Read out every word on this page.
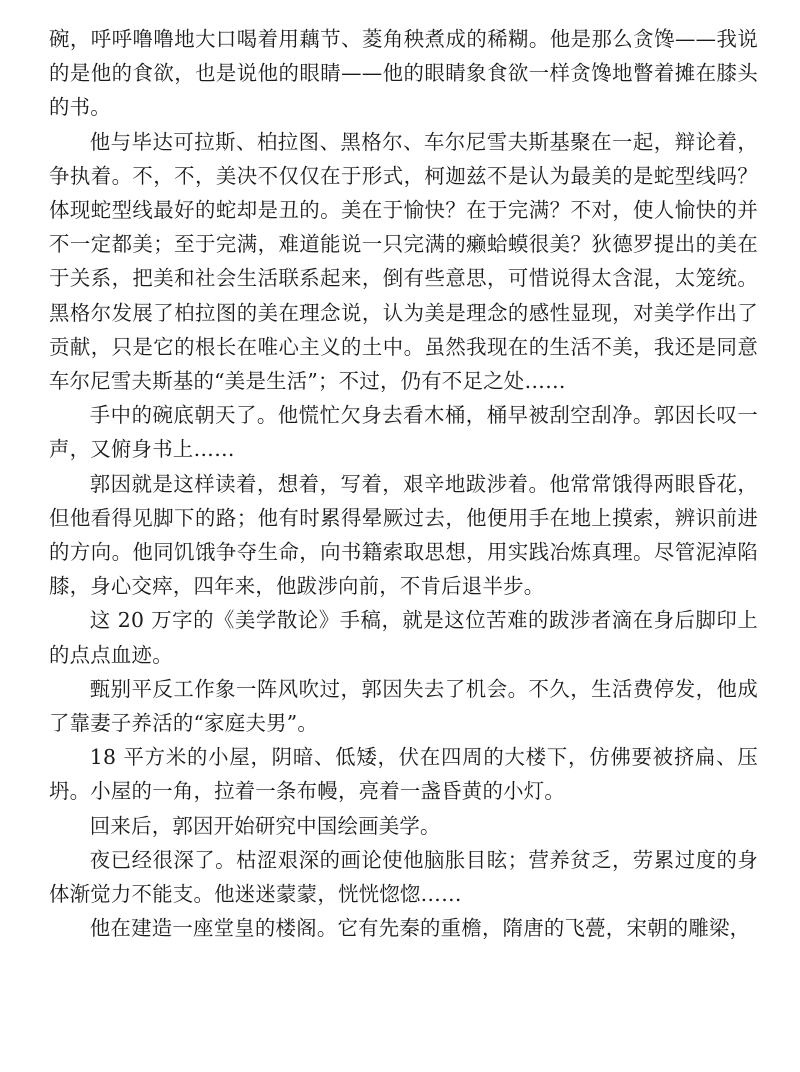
碗，呼呼噜噜地大口喝着用藕节、菱角秧煮成的稀糊。他是那么贪馋——我说的是他的食欲，也是说他的眼睛——他的眼睛象食欲一样贪馋地瞥着摊在膝头的书。

他与毕达可拉斯、柏拉图、黑格尔、车尔尼雪夫斯基聚在一起，辩论着，争执着。不，不，美决不仅仅在于形式，柯迦兹不是认为最美的是蛇型线吗？体现蛇型线最好的蛇却是丑的。美在于愉快？在于完满？不对，使人愉快的并不一定都美；至于完满，难道能说一只完满的癞蛤蟆很美？狄德罗提出的美在于关系，把美和社会生活联系起来，倒有些意思，可惜说得太含混，太笼统。黑格尔发展了柏拉图的美在理念说，认为美是理念的感性显现，对美学作出了贡献，只是它的根长在唯心主义的土中。虽然我现在的生活不美，我还是同意车尔尼雪夫斯基的“美是生活”；不过，仍有不足之处……

手中的碗底朝天了。他慌忙欠身去看木桶，桶早被刮空刮净。郭因长叹一声，又俯身书上……

郭因就是这样读着，想着，写着，艰辛地跋涉着。他常常饿得两眼昏花，但他看得见脚下的路；他有时累得晕厥过去，他便用手在地上摸索，辨识前进的方向。他同饥饿争夺生命，向书籍索取思想，用实践冶炼真理。尽管泥淖陷膝，身心交瘁，四年来，他跋涉向前，不肯后退半步。

这 20 万字的《美学散论》手稿，就是这位苦难的跋涉者滴在身后脚印上的点点血迹。

甄别平反工作象一阵风吹过，郭因失去了机会。不久，生活费停发，他成了靠妻子养活的“家庭夫男”。

18 平方米的小屋，阴暗、低矮，伏在四周的大楼下，仿佛要被挤扁、压坍。小屋的一角，拉着一条布幔，亮着一盏昏黄的小灯。

回来后，郭因开始研究中国绘画美学。

夜已经很深了。枯涩艰深的画论使他脑胀目眩；营养贫乏，劳累过度的身体渐觉力不能支。他迷迷蒙蒙，恍恍惚惚……

他在建造一座堂皇的楼阁。它有先秦的重檐，隋唐的飞甍，宋朝的雕梁，
